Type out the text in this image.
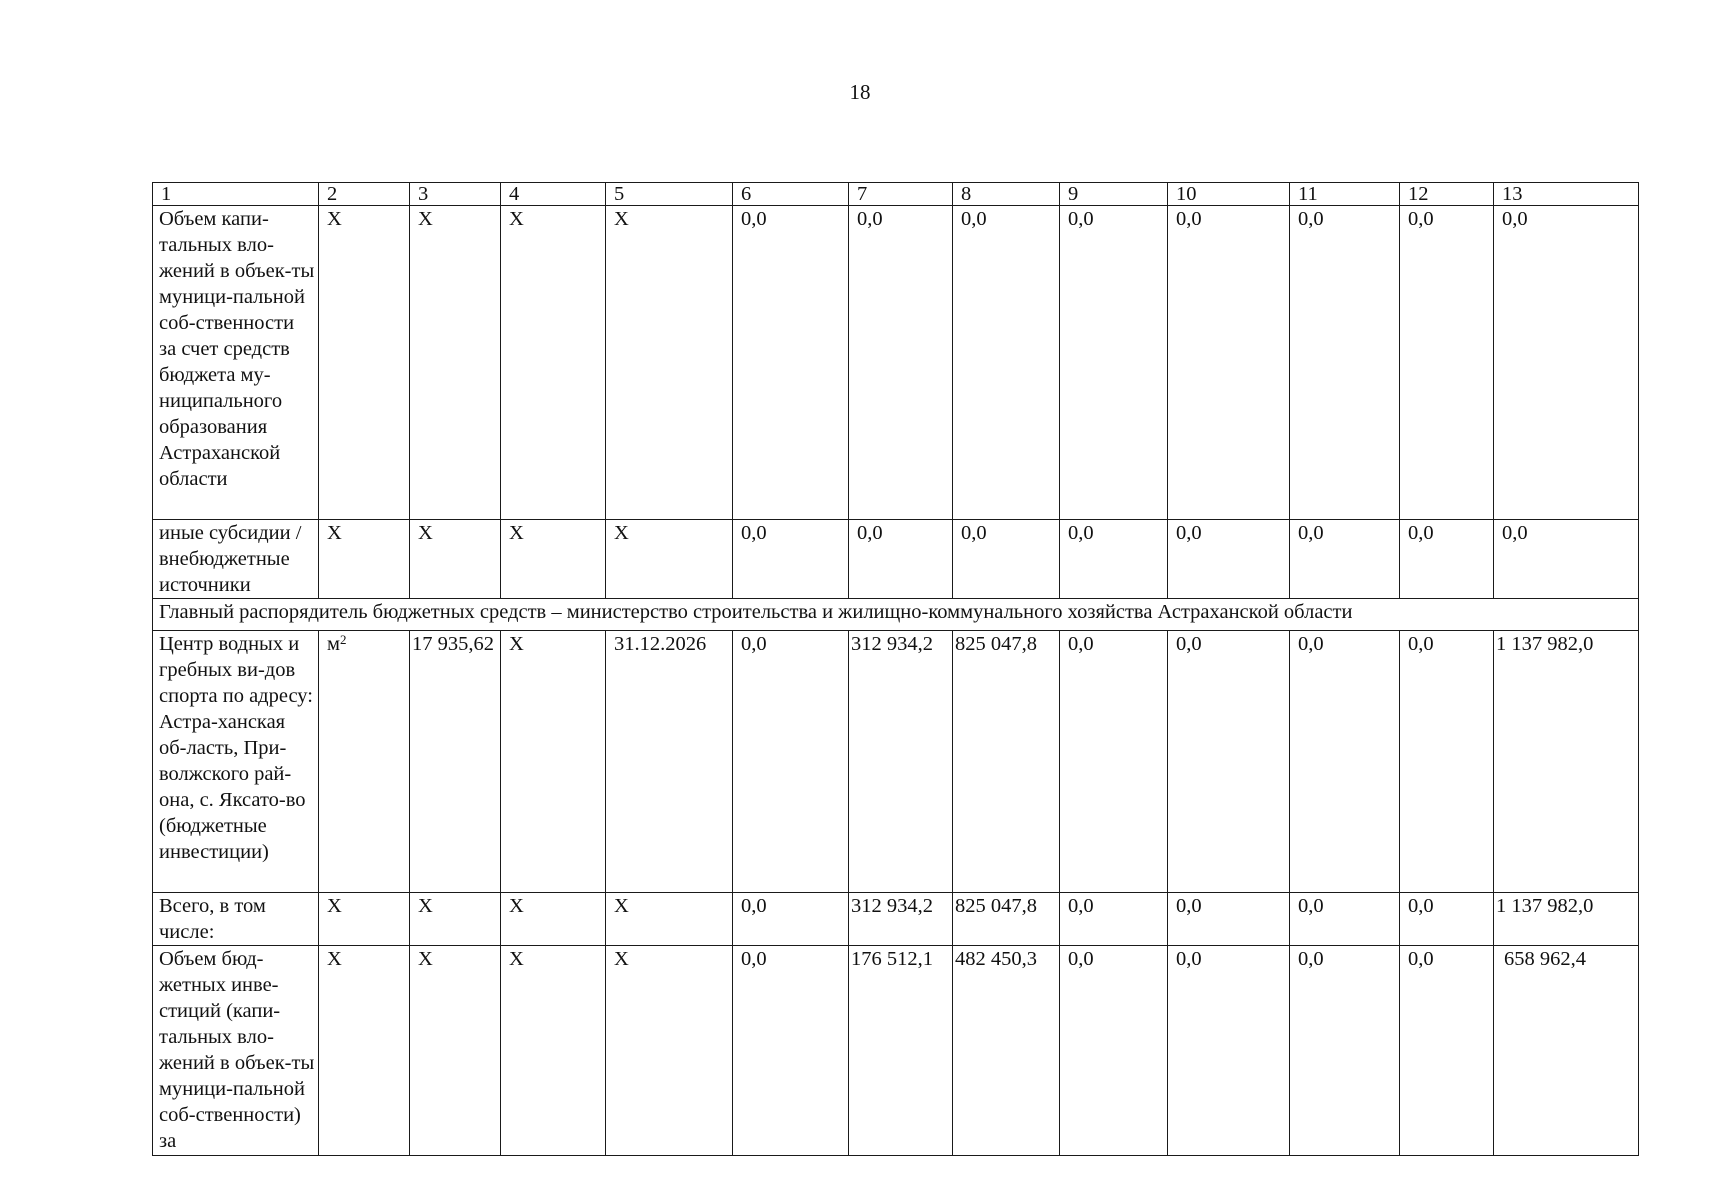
18
1	2	3	4	5	6	7	8	9	10	11	12	13
Объем капи-тальных вло-жений в объек-ты муници-пальной соб-ственности за счет средств бюджета му-ниципального образования Астраханской области	X	X	X	X	0,0	0,0	0,0	0,0	0,0	0,0	0,0	0,0
иные субсидии / внебюджетные источники	X	X	X	X	0,0	0,0	0,0	0,0	0,0	0,0	0,0	0,0
Главный распорядитель бюджетных средств – министерство строительства и жилищно-коммунального хозяйства Астраханской области												
Центр водных и гребных ви-дов спорта по адресу: Астра-ханская об-ласть, При-волжского рай-она, с. Яксато-во (бюджетные инвестиции)	$м^2$	17 935,62	X	31.12.2026	0,0	312 934,2	825 047,8	0,0	0,0	0,0	0,0	1 137 982,0
Всего, в том числе:	X	X	X	X	0,0	312 934,2	825 047,8	0,0	0,0	0,0	0,0	1 137 982,0
Объем бюд-жетных инве-стиций (капи-тальных вло-жений в объек-ты муници-пальной соб-ственности) за	X	X	X	X	0,0	176 512,1	482 450,3	0,0	0,0	0,0	0,0	658 962,4
